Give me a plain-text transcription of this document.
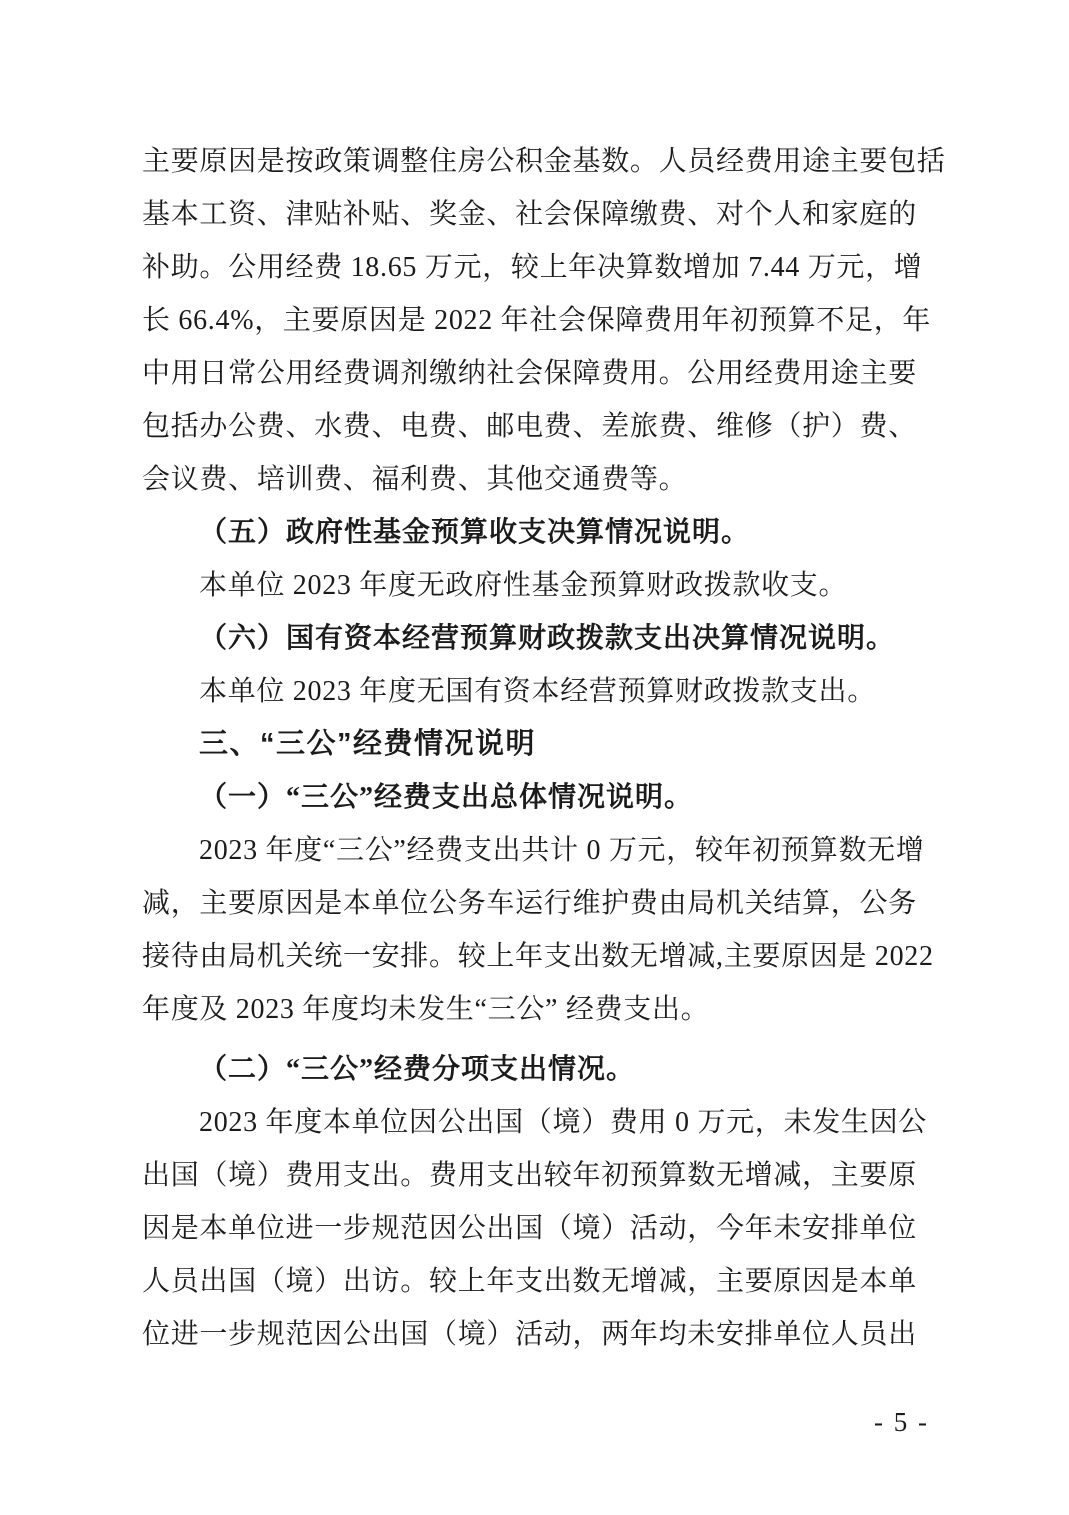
主要原因是按政策调整住房公积金基数。人员经费用途主要包括
基本工资、津贴补贴、奖金、社会保障缴费、对个人和家庭的
补助。公用经费 18.65 万元，较上年决算数增加 7.44 万元，增
长 66.4%，主要原因是 2022 年社会保障费用年初预算不足，年
中用日常公用经费调剂缴纳社会保障费用。公用经费用途主要
包括办公费、水费、电费、邮电费、差旅费、维修（护）费、
会议费、培训费、福利费、其他交通费等。
（五）政府性基金预算收支决算情况说明。
本单位 2023 年度无政府性基金预算财政拨款收支。
（六）国有资本经营预算财政拨款支出决算情况说明。
本单位 2023 年度无国有资本经营预算财政拨款支出。
三、“三公”经费情况说明
（一）“三公”经费支出总体情况说明。
2023 年度“三公”经费支出共计 0 万元，较年初预算数无增
减，主要原因是本单位公务车运行维护费由局机关结算，公务
接待由局机关统一安排。较上年支出数无增减,主要原因是 2022
年度及 2023 年度均未发生“三公” 经费支出。
（二）“三公”经费分项支出情况。
2023 年度本单位因公出国（境）费用 0 万元，未发生因公
出国（境）费用支出。费用支出较年初预算数无增减，主要原
因是本单位进一步规范因公出国（境）活动，今年未安排单位
人员出国（境）出访。较上年支出数无增减，主要原因是本单
位进一步规范因公出国（境）活动，两年均未安排单位人员出
- 5 -
